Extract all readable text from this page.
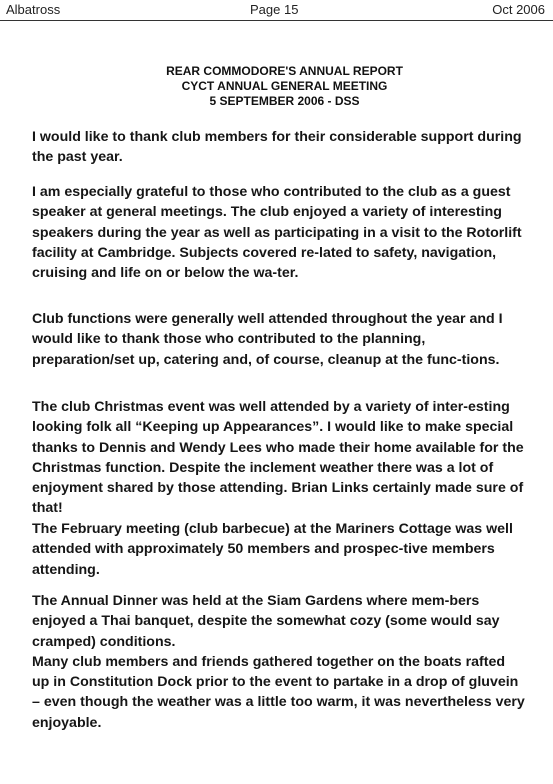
Albatross	Page 15	Oct 2006
REAR COMMODORE'S ANNUAL REPORT
CYCT ANNUAL GENERAL MEETING
5 SEPTEMBER 2006 - DSS

I would like to thank club members for their considerable support during the past year.

I am especially grateful to those who contributed to the club as a guest speaker at general meetings. The club enjoyed a variety of interesting speakers during the year as well as participating in a visit to the Rotorlift facility at Cambridge. Subjects covered re-lated to safety, navigation, cruising and life on or below the wa-ter.

Club functions were generally well attended throughout the year and I would like to thank those who contributed to the planning, preparation/set up, catering and, of course, cleanup at the func-tions.

The club Christmas event was well attended by a variety of inter-esting looking folk all “Keeping up Appearances”. I would like to make special thanks to Dennis and Wendy Lees who made their home available for the Christmas function. Despite the inclement weather there was a lot of enjoyment shared by those attending. Brian Links certainly made sure of that!

The February meeting (club barbecue) at the Mariners Cottage was well attended with approximately 50 members and prospec-tive members attending.

The Annual Dinner was held at the Siam Gardens where mem-bers enjoyed a Thai banquet, despite the somewhat cozy (some would say cramped) conditions.

Many club members and friends gathered together on the boats rafted up in Constitution Dock prior to the event to partake in a drop of gluvein – even though the weather was a little too warm, it was nevertheless very enjoyable.
